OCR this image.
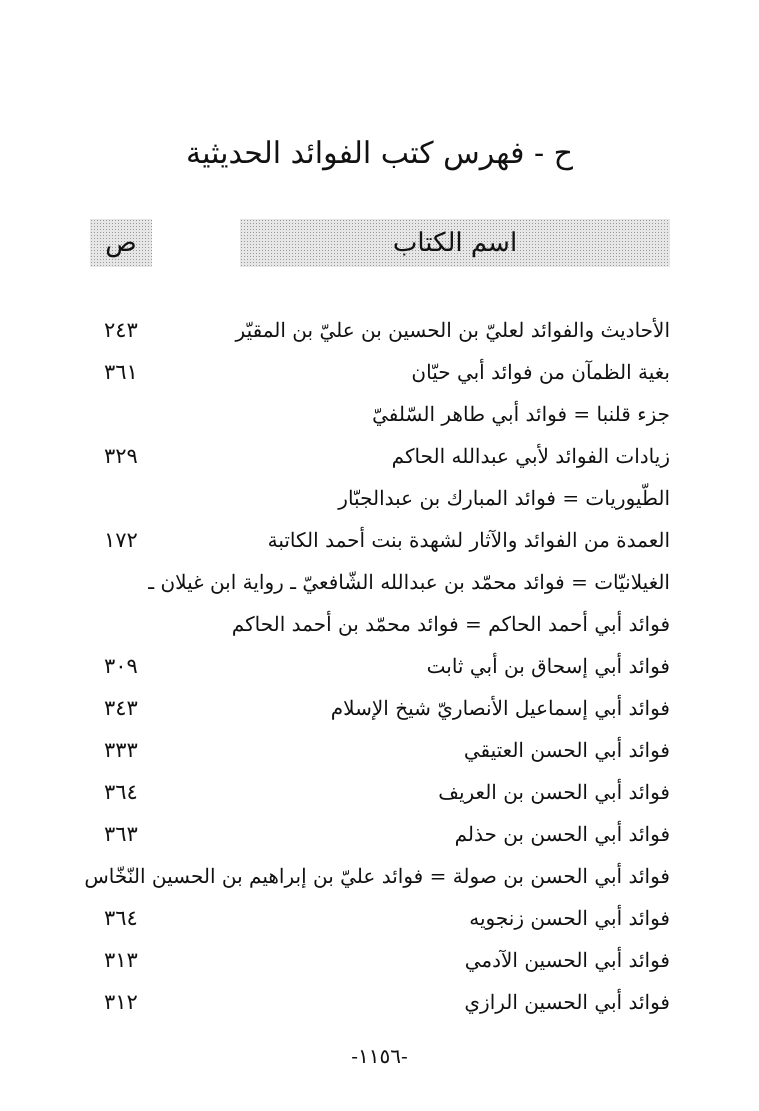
ح - فهرس كتب الفوائد الحديثية
اسم الكتاب
ص
الأحاديث والفوائد لعليّ بن الحسين بن عليّ بن المقيّر
٢٤٣
بغية الظمآن من فوائد أبي حيّان
٣٦١
جزء قلنبا = فوائد أبي طاهر السّلفيّ
زيادات الفوائد لأبي عبدالله الحاكم
٣٢٩
الطّيوريات = فوائد المبارك بن عبدالجبّار
العمدة من الفوائد والآثار لشهدة بنت أحمد الكاتبة
١٧٢
الغيلانيّات = فوائد محمّد بن عبدالله الشّافعيّ ـ رواية ابن غيلان ـ
فوائد أبي أحمد الحاكم = فوائد محمّد بن أحمد الحاكم
فوائد أبي إسحاق بن أبي ثابت
٣٠٩
فوائد أبي إسماعيل الأنصاريّ شيخ الإسلام
٣٤٣
فوائد أبي الحسن العتيقي
٣٣٣
فوائد أبي الحسن بن العريف
٣٦٤
فوائد أبي الحسن بن حذلم
٣٦٣
فوائد أبي الحسن بن صولة = فوائد عليّ بن إبراهيم بن الحسين النّخّاس
فوائد أبي الحسن زنجويه
٣٦٤
فوائد أبي الحسين الآدمي
٣١٣
فوائد أبي الحسين الرازي
٣١٢
-١١٥٦-
